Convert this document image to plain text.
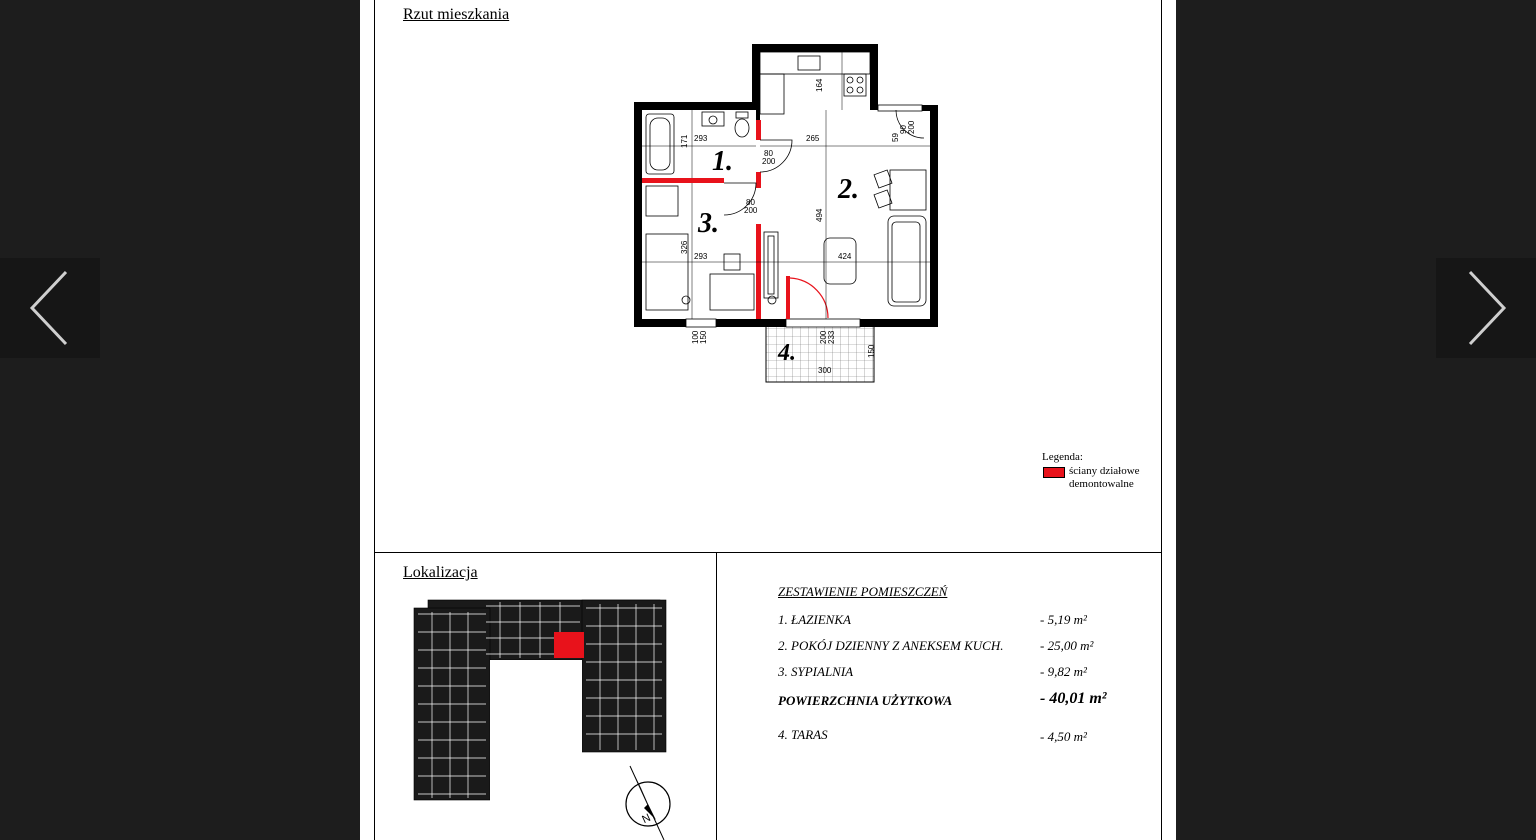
Rzut mieszkania
Lokalizacja
293
171
80
200
164
265
90 200
59
80
200
326
293
494
424
100 150	200 233
300
150
1.
2.
3.
4.
Legenda:
ściany działowe demontowalne
N
ZESTAWIENIE POMIESZCZEŃ
1. ŁAZIENKA	- 5,19 m²
2. POKÓJ DZIENNY Z ANEKSEM KUCH.	- 25,00 m²
3. SYPIALNIA	- 9,82 m²
POWIERZCHNIA UŻYTKOWA	- 40,01 m²
4. TARAS	- 4,50 m²
